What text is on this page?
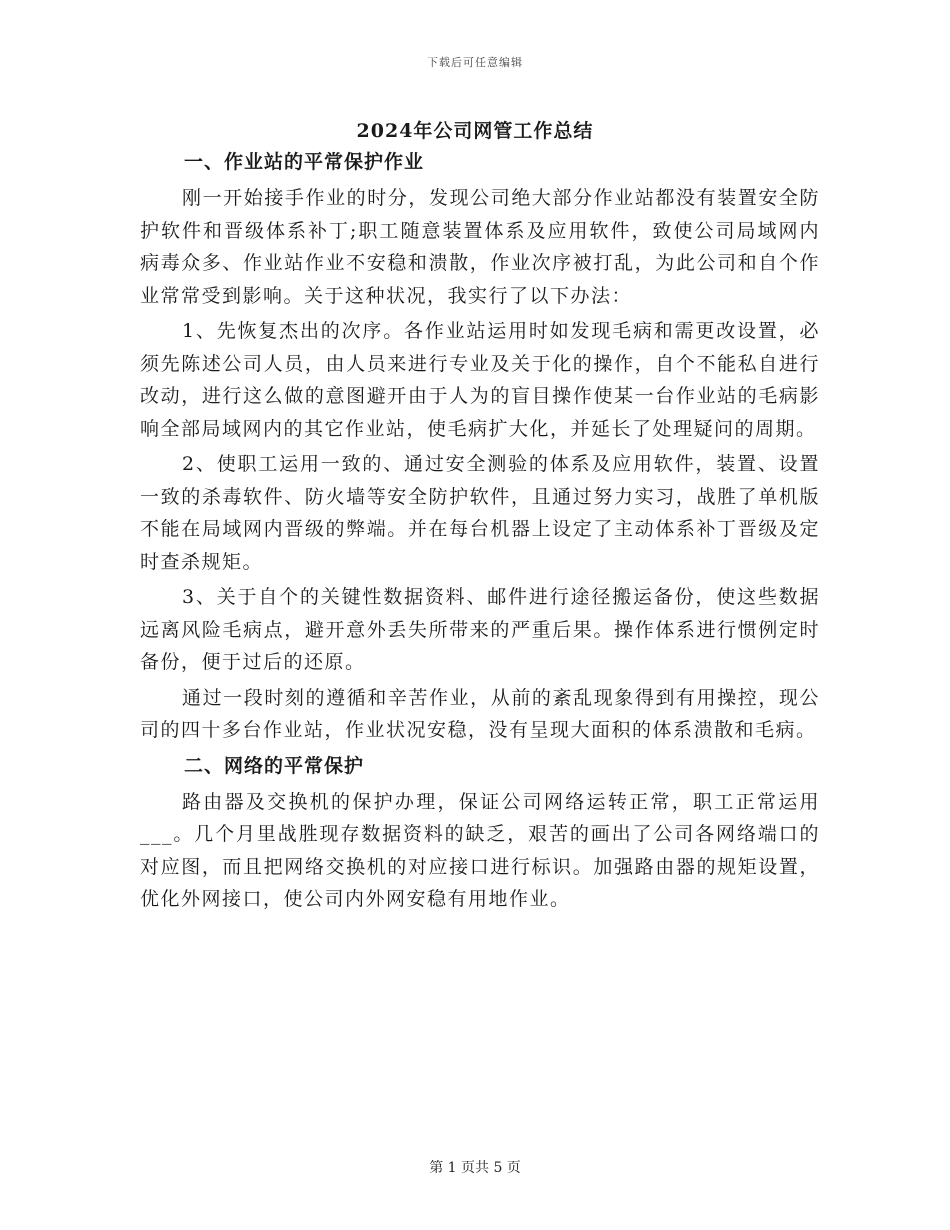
下载后可任意编辑
2024年公司网管工作总结
一、作业站的平常保护作业

刚一开始接手作业的时分，发现公司绝大部分作业站都没有装置安全防护软件和晋级体系补丁;职工随意装置体系及应用软件，致使公司局域网内病毒众多、作业站作业不安稳和溃散，作业次序被打乱，为此公司和自个作业常常受到影响。关于这种状况，我实行了以下办法：

1、先恢复杰出的次序。各作业站运用时如发现毛病和需更改设置，必须先陈述公司人员，由人员来进行专业及关于化的操作，自个不能私自进行改动，进行这么做的意图避开由于人为的盲目操作使某一台作业站的毛病影响全部局域网内的其它作业站，使毛病扩大化，并延长了处理疑问的周期。

2、使职工运用一致的、通过安全测验的体系及应用软件，装置、设置一致的杀毒软件、防火墙等安全防护软件，且通过努力实习，战胜了单机版不能在局域网内晋级的弊端。并在每台机器上设定了主动体系补丁晋级及定时查杀规矩。

3、关于自个的关键性数据资料、邮件进行途径搬运备份，使这些数据远离风险毛病点，避开意外丢失所带来的严重后果。操作体系进行惯例定时备份，便于过后的还原。

通过一段时刻的遵循和辛苦作业，从前的紊乱现象得到有用操控，现公司的四十多台作业站，作业状况安稳，没有呈现大面积的体系溃散和毛病。

二、网络的平常保护

路由器及交换机的保护办理，保证公司网络运转正常，职工正常运用___。几个月里战胜现存数据资料的缺乏，艰苦的画出了公司各网络端口的对应图，而且把网络交换机的对应接口进行标识。加强路由器的规矩设置，优化外网接口，使公司内外网安稳有用地作业。

第 1 页共 5 页
